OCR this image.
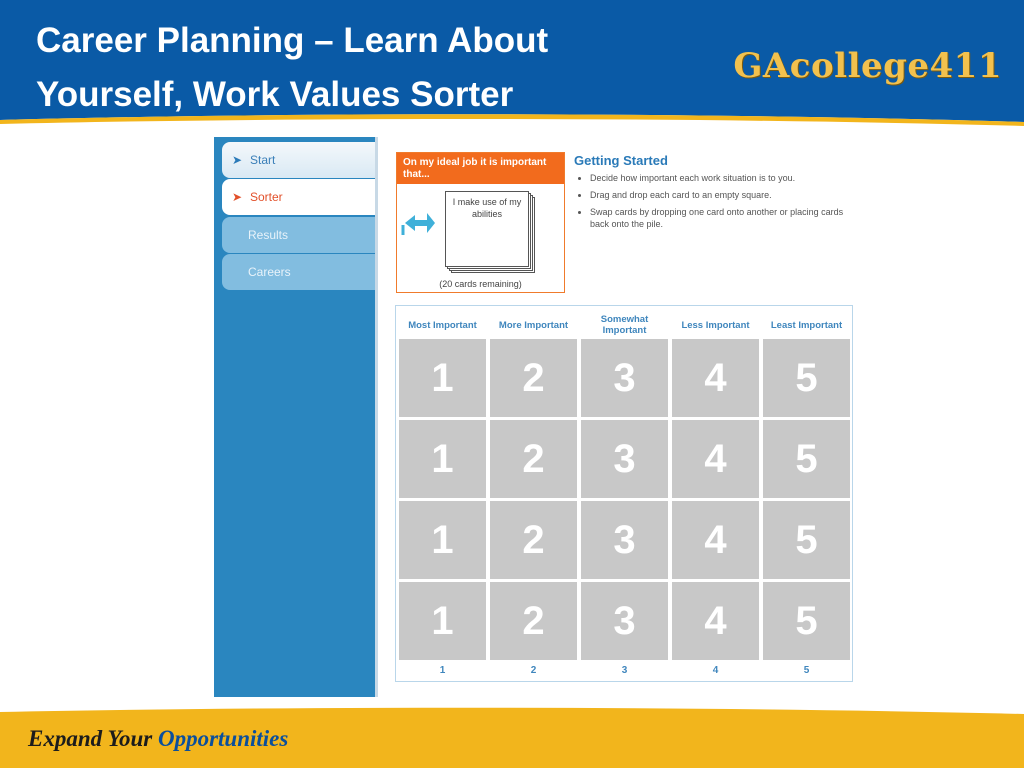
Career Planning – Learn About
Yourself, Work Values Sorter
GAcollege411
➤ Start
➤ Sorter
Results
Careers
On my ideal job it is important that...
I make use of my abilities
(20 cards remaining)
Getting Started
• Decide how important each work situation is to you.
• Drag and drop each card to an empty square.
• Swap cards by dropping one card onto another or placing cards back onto the pile.
Most Important	More Important	Somewhat Important	Less Important	Least Important
1	2	3	4	5
1	2	3	4	5
1	2	3	4	5
1	2	3	4	5
1	2	3	4	5
Expand Your Opportunities
